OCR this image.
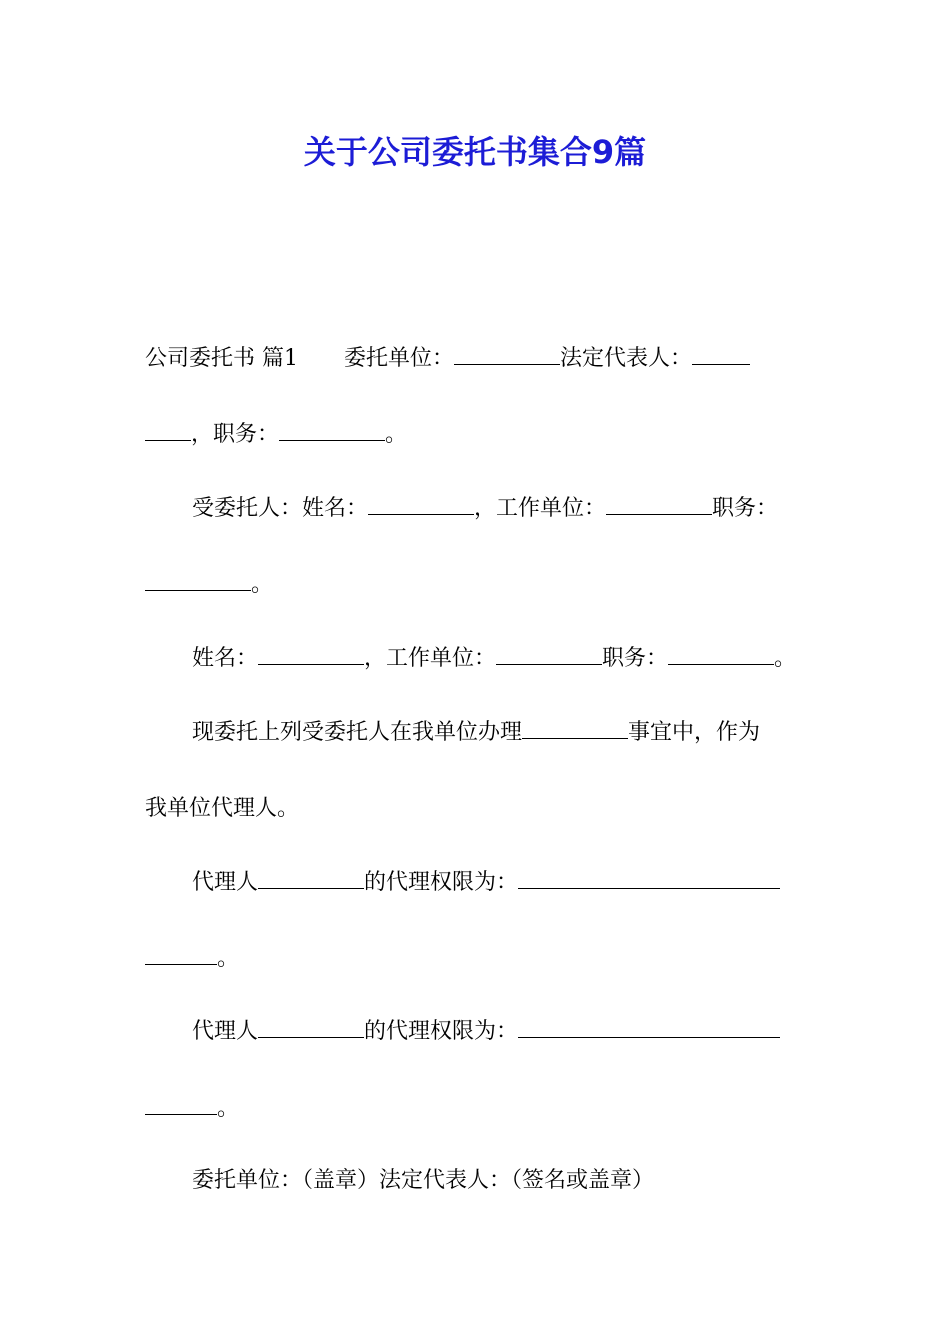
关于公司委托书集合9篇
公司委托书 篇1 委托单位：	法定代表人：
，职务：	。
受委托人：姓名：	，工作单位：	职务：
。
姓名：	，工作单位：	职务：	。
现委托上列受委托人在我单位办理	事宜中，作为
我单位代理人。
代理人	的代理权限为：
。
代理人	的代理权限为：
。
委托单位：（盖章）法定代表人：（签名或盖章）
